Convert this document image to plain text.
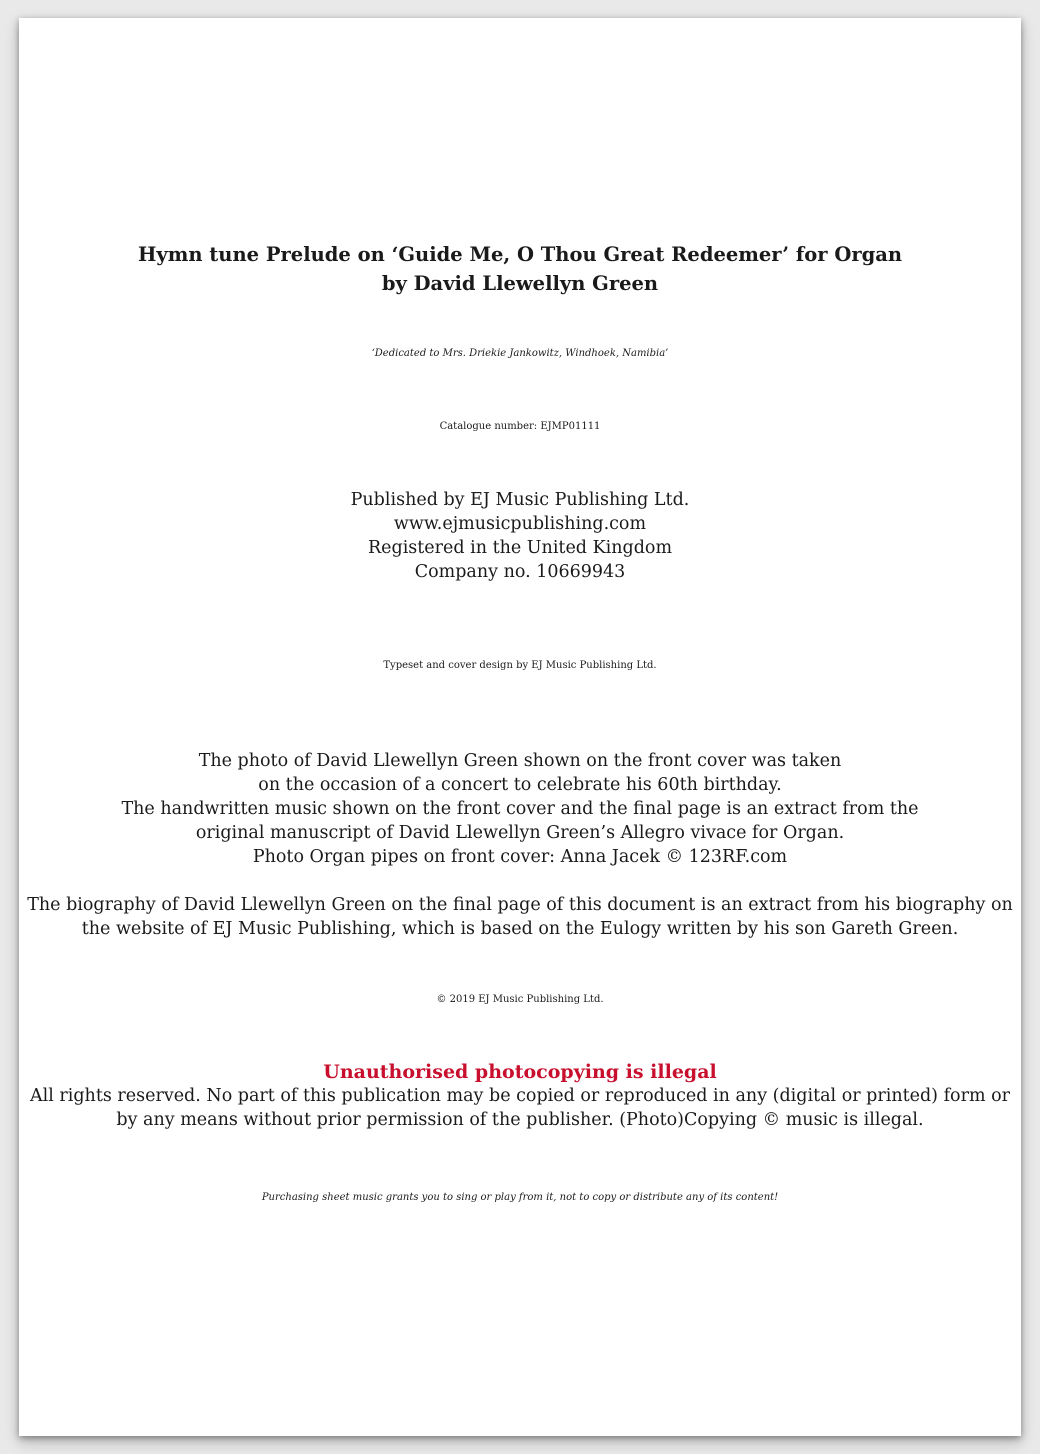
Hymn tune Prelude on ‘Guide Me, O Thou Great Redeemer’ for Organ
by David Llewellyn Green
‘Dedicated to Mrs. Driekie Jankowitz, Windhoek, Namibia’
Catalogue number: EJMP01111
Published by EJ Music Publishing Ltd.
www.ejmusicpublishing.com
Registered in the United Kingdom
Company no. 10669943
Typeset and cover design by EJ Music Publishing Ltd.
The photo of David Llewellyn Green shown on the front cover was taken
on the occasion of a concert to celebrate his 60th birthday.
The handwritten music shown on the front cover and the final page is an extract from the
original manuscript of David Llewellyn Green’s Allegro vivace for Organ.
Photo Organ pipes on front cover: Anna Jacek © 123RF.com
The biography of David Llewellyn Green on the final page of this document is an extract from his biography on
the website of EJ Music Publishing, which is based on the Eulogy written by his son Gareth Green.
© 2019 EJ Music Publishing Ltd.
Unauthorised photocopying is illegal
All rights reserved. No part of this publication may be copied or reproduced in any (digital or printed) form or
by any means without prior permission of the publisher. (Photo)Copying © music is illegal.
Purchasing sheet music grants you to sing or play from it, not to copy or distribute any of its content!
